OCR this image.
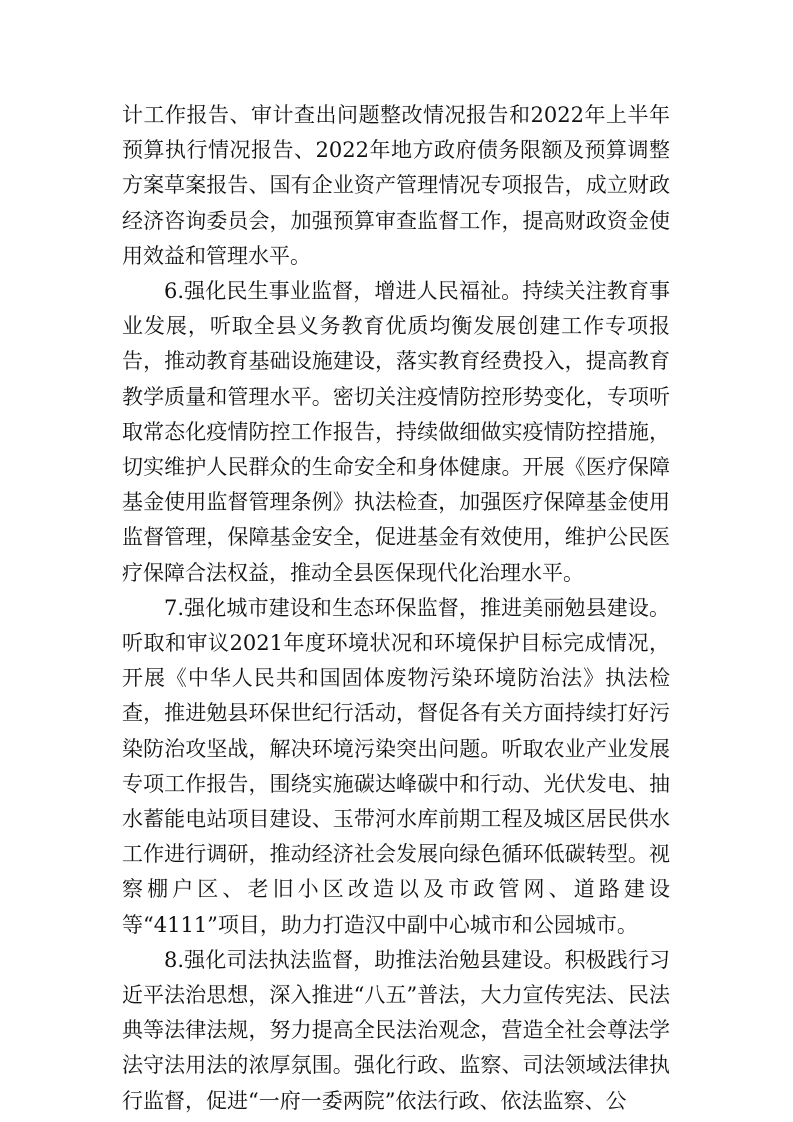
计工作报告、审计查出问题整改情况报告和2022年上半年预算执行情况报告、2022年地方政府债务限额及预算调整方案草案报告、国有企业资产管理情况专项报告，成立财政经济咨询委员会，加强预算审查监督工作，提高财政资金使用效益和管理水平。

6.强化民生事业监督，增进人民福祉。持续关注教育事业发展，听取全县义务教育优质均衡发展创建工作专项报告，推动教育基础设施建设，落实教育经费投入，提高教育教学质量和管理水平。密切关注疫情防控形势变化，专项听取常态化疫情防控工作报告，持续做细做实疫情防控措施，切实维护人民群众的生命安全和身体健康。开展《医疗保障基金使用监督管理条例》执法检查，加强医疗保障基金使用监督管理，保障基金安全，促进基金有效使用，维护公民医疗保障合法权益，推动全县医保现代化治理水平。

7.强化城市建设和生态环保监督，推进美丽勉县建设。听取和审议2021年度环境状况和环境保护目标完成情况，开展《中华人民共和国固体废物污染环境防治法》执法检查，推进勉县环保世纪行活动，督促各有关方面持续打好污染防治攻坚战，解决环境污染突出问题。听取农业产业发展专项工作报告，围绕实施碳达峰碳中和行动、光伏发电、抽水蓄能电站项目建设、玉带河水库前期工程及城区居民供水工作进行调研，推动经济社会发展向绿色循环低碳转型。视察棚户区、老旧小区改造以及市政管网、道路建设等“4111”项目，助力打造汉中副中心城市和公园城市。

8.强化司法执法监督，助推法治勉县建设。积极践行习近平法治思想，深入推进“八五”普法，大力宣传宪法、民法典等法律法规，努力提高全民法治观念，营造全社会尊法学法守法用法的浓厚氛围。强化行政、监察、司法领域法律执行监督，促进“一府一委两院”依法行政、依法监察、公
